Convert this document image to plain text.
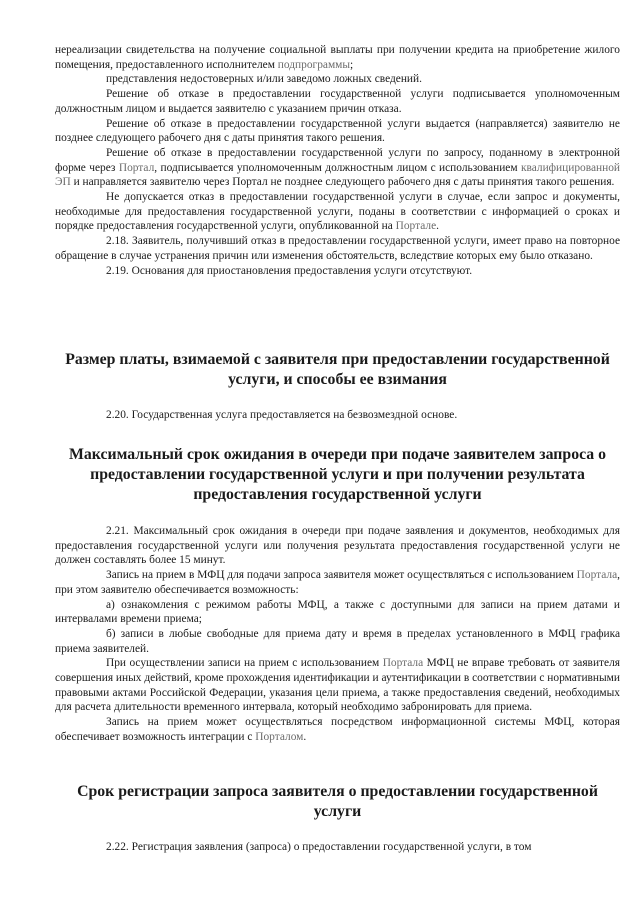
нереализации свидетельства на получение социальной выплаты при получении кредита на приобретение жилого помещения, предоставленного исполнителем подпрограммы;

представления недостоверных и/или заведомо ложных сведений.

Решение об отказе в предоставлении государственной услуги подписывается уполномоченным должностным лицом и выдается заявителю с указанием причин отказа.

Решение об отказе в предоставлении государственной услуги выдается (направляется) заявителю не позднее следующего рабочего дня с даты принятия такого решения.

Решение об отказе в предоставлении государственной услуги по запросу, поданному в электронной форме через Портал, подписывается уполномоченным должностным лицом с использованием квалифицированной ЭП и направляется заявителю через Портал не позднее следующего рабочего дня с даты принятия такого решения.

Не допускается отказ в предоставлении государственной услуги в случае, если запрос и документы, необходимые для предоставления государственной услуги, поданы в соответствии с информацией о сроках и порядке предоставления государственной услуги, опубликованной на Портале.

2.18. Заявитель, получивший отказ в предоставлении государственной услуги, имеет право на повторное обращение в случае устранения причин или изменения обстоятельств, вследствие которых ему было отказано.

2.19. Основания для приостановления предоставления услуги отсутствуют.

Размер платы, взимаемой с заявителя при предоставлении государственной услуги, и способы ее взимания

2.20. Государственная услуга предоставляется на безвозмездной основе.

Максимальный срок ожидания в очереди при подаче заявителем запроса о предоставлении государственной услуги и при получении результата предоставления государственной услуги

2.21. Максимальный срок ожидания в очереди при подаче заявления и документов, необходимых для предоставления государственной услуги или получения результата предоставления государственной услуги не должен составлять более 15 минут.

Запись на прием в МФЦ для подачи запроса заявителя может осуществляться с использованием Портала, при этом заявителю обеспечивается возможность:

а) ознакомления с режимом работы МФЦ, а также с доступными для записи на прием датами и интервалами времени приема;

б) записи в любые свободные для приема дату и время в пределах установленного в МФЦ графика приема заявителей.

При осуществлении записи на прием с использованием Портала МФЦ не вправе требовать от заявителя совершения иных действий, кроме прохождения идентификации и аутентификации в соответствии с нормативными правовыми актами Российской Федерации, указания цели приема, а также предоставления сведений, необходимых для расчета длительности временного интервала, который необходимо забронировать для приема.

Запись на прием может осуществляться посредством информационной системы МФЦ, которая обеспечивает возможность интеграции с Порталом.

Срок регистрации запроса заявителя о предоставлении государственной услуги

2.22. Регистрация заявления (запроса) о предоставлении государственной услуги, в том
